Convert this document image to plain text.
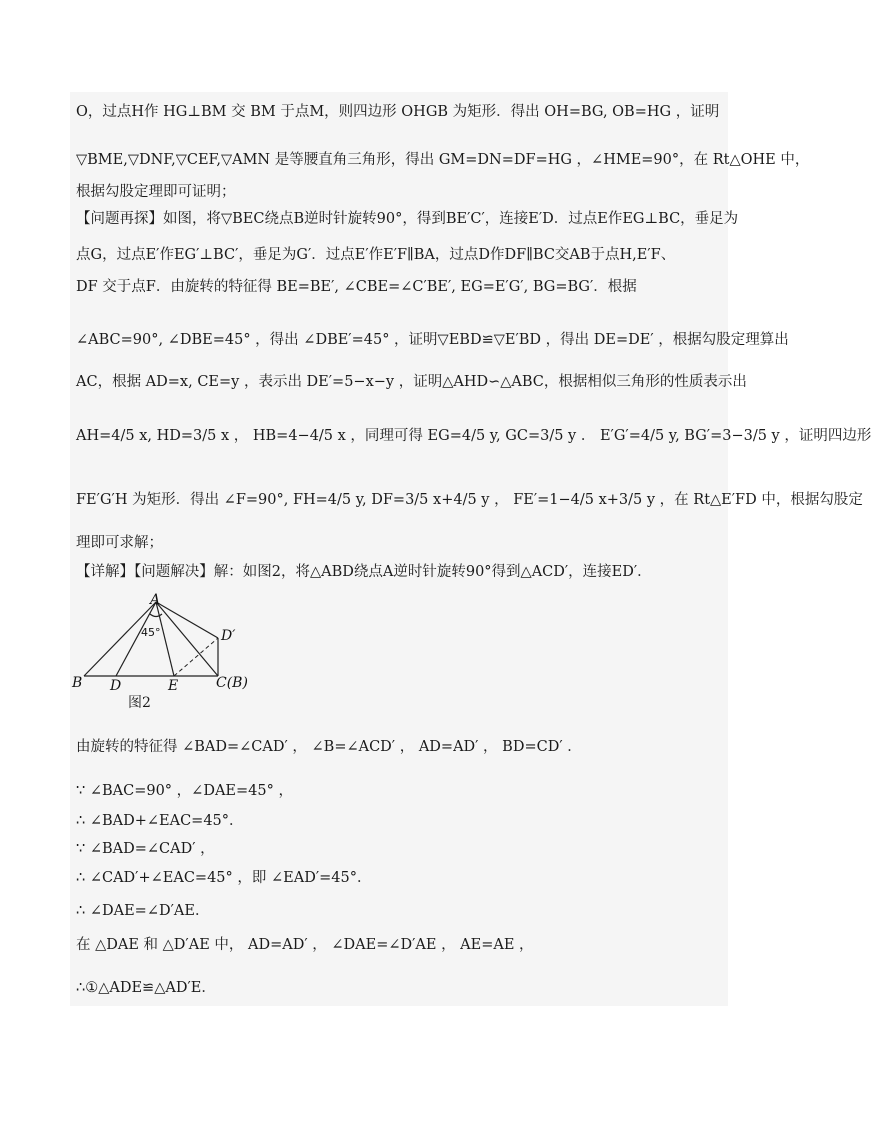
O，过点H作 HG⊥BM 交 BM 于点M，则四边形 OHGB 为矩形．得出 OH=BG, OB=HG ，证明
▽BME,▽DNF,▽CEF,▽AMN 是等腰直角三角形，得出 GM=DN=DF=HG ，∠HME=90°，在 Rt△OHE 中，
根据勾股定理即可证明；
【问题再探】如图，将▽BEC绕点B逆时针旋转90°，得到BE′C′，连接E′D．过点E作EG⊥BC，垂足为
点G，过点E′作EG′⊥BC′，垂足为G′．过点E′作E′F∥BA，过点D作DF∥BC交AB于点H,E′F、
DF 交于点F．由旋转的特征得 BE=BE′, ∠CBE=∠C′BE′, EG=E′G′, BG=BG′．根据
∠ABC=90°, ∠DBE=45° ，得出 ∠DBE′=45° ，证明▽EBD≌▽E′BD ，得出 DE=DE′ ，根据勾股定理算出
AC，根据 AD=x, CE=y ，表示出 DE′=5−x−y ，证明△AHD∽△ABC，根据相似三角形的性质表示出
AH=4/5 x, HD=3/5 x ， HB=4−4/5 x ，同理可得 EG=4/5 y, GC=3/5 y ． E′G′=4/5 y, BG′=3−3/5 y ，证明四边形
FE′G′H 为矩形．得出 ∠F=90°, FH=4/5 y, DF=3/5 x+4/5 y ， FE′=1−4/5 x+3/5 y ，在 Rt△E′FD 中，根据勾股定
理即可求解；
【详解】【问题解决】解：如图2，将△ABD绕点A逆时针旋转90°得到△ACD′，连接ED′．
A
B D	E	C(B)
D′
45°
图2
由旋转的特征得 ∠BAD=∠CAD′ ， ∠B=∠ACD′ ， AD=AD′ ， BD=CD′ ．
∵ ∠BAC=90° ，∠DAE=45° ，
∴ ∠BAD+∠EAC=45°．
∵ ∠BAD=∠CAD′ ，
∴ ∠CAD′+∠EAC=45° ，即 ∠EAD′=45°．
∴ ∠DAE=∠D′AE．
在 △DAE 和 △D′AE 中， AD=AD′ ， ∠DAE=∠D′AE ， AE=AE ，
∴①△ADE≌△AD′E．
